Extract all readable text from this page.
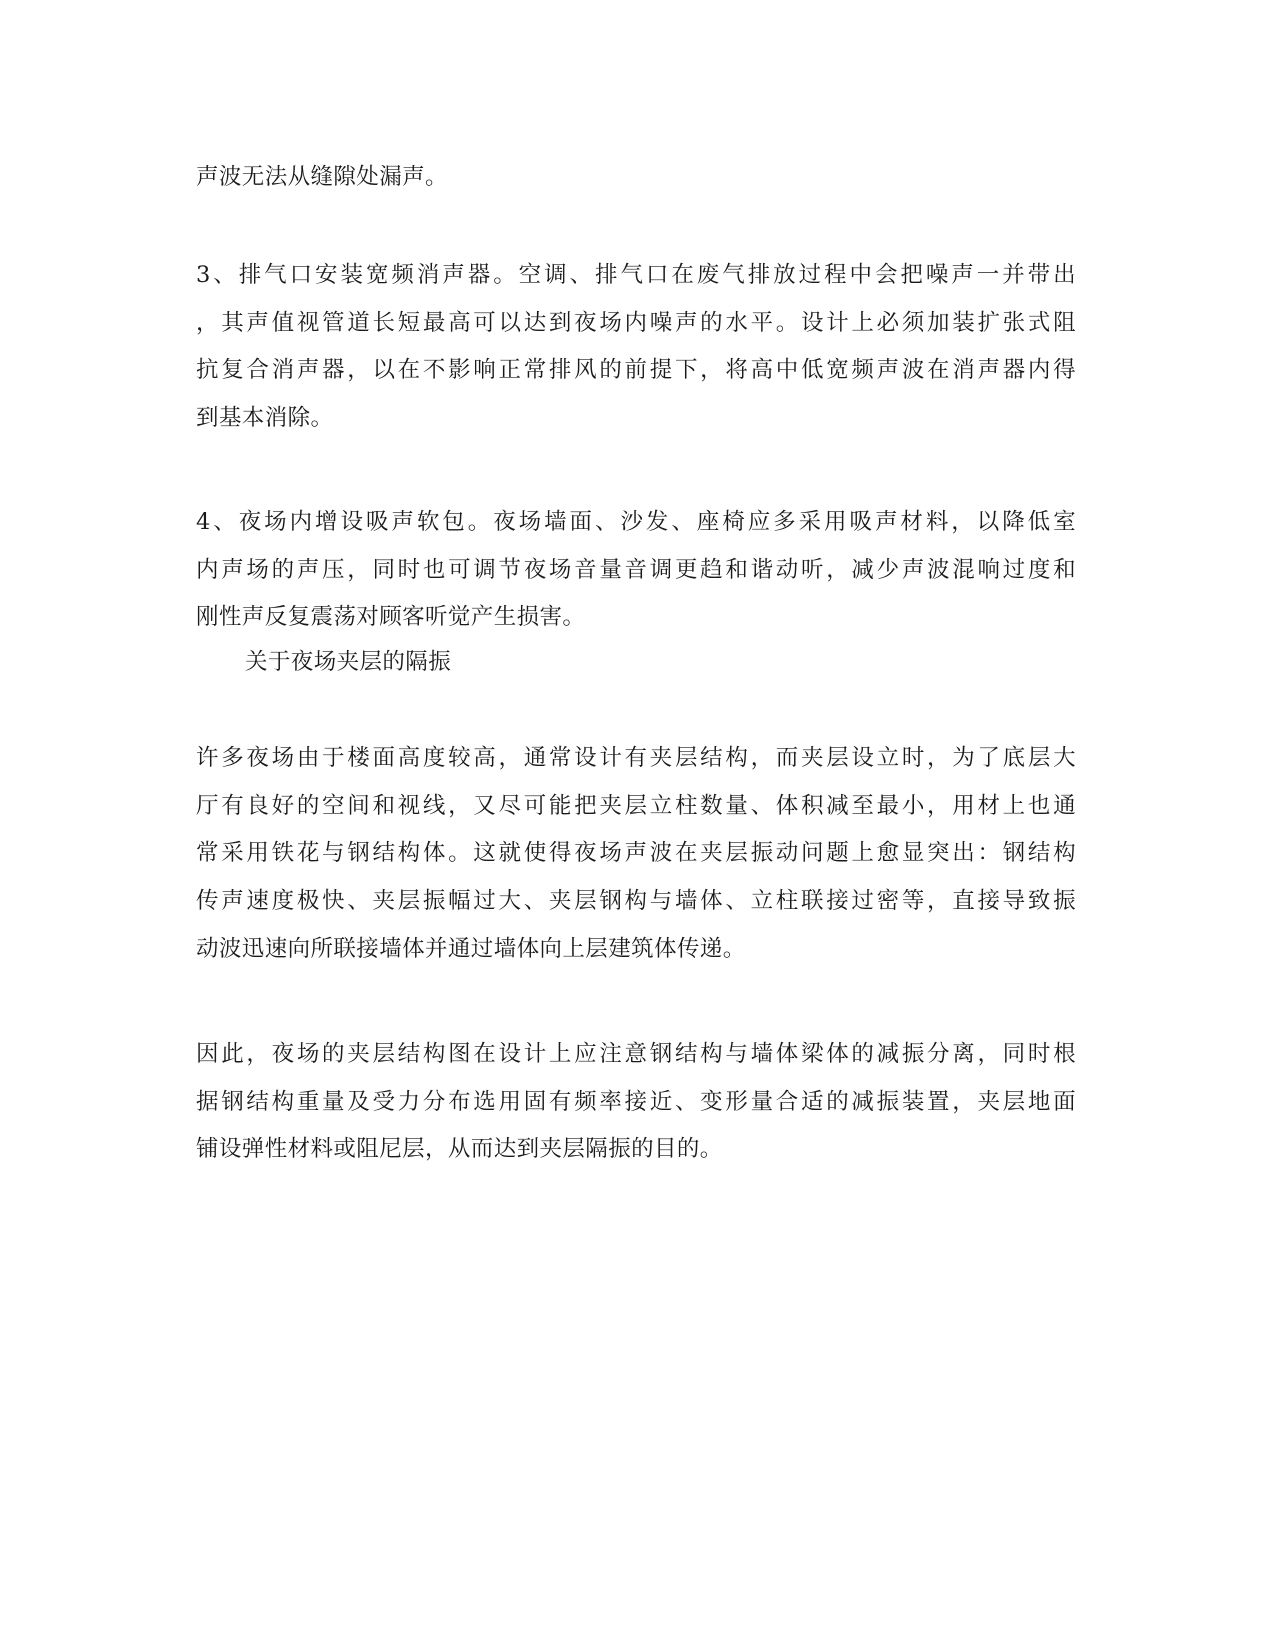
声波无法从缝隙处漏声。
3、排气口安装宽频消声器。空调、排气口在废气排放过程中会把噪声一并带出
，其声值视管道长短最高可以达到夜场内噪声的水平。设计上必须加装扩张式阻
抗复合消声器，以在不影响正常排风的前提下，将高中低宽频声波在消声器内得
到基本消除。
4、夜场内增设吸声软包。夜场墙面、沙发、座椅应多采用吸声材料，以降低室
内声场的声压，同时也可调节夜场音量音调更趋和谐动听，减少声波混响过度和
刚性声反复震荡对顾客听觉产生损害。
关于夜场夹层的隔振
许多夜场由于楼面高度较高，通常设计有夹层结构，而夹层设立时，为了底层大
厅有良好的空间和视线，又尽可能把夹层立柱数量、体积减至最小，用材上也通
常采用铁花与钢结构体。这就使得夜场声波在夹层振动问题上愈显突出：钢结构
传声速度极快、夹层振幅过大、夹层钢构与墙体、立柱联接过密等，直接导致振
动波迅速向所联接墙体并通过墙体向上层建筑体传递。
因此，夜场的夹层结构图在设计上应注意钢结构与墙体梁体的减振分离，同时根
据钢结构重量及受力分布选用固有频率接近、变形量合适的减振装置，夹层地面
铺设弹性材料或阻尼层，从而达到夹层隔振的目的。
